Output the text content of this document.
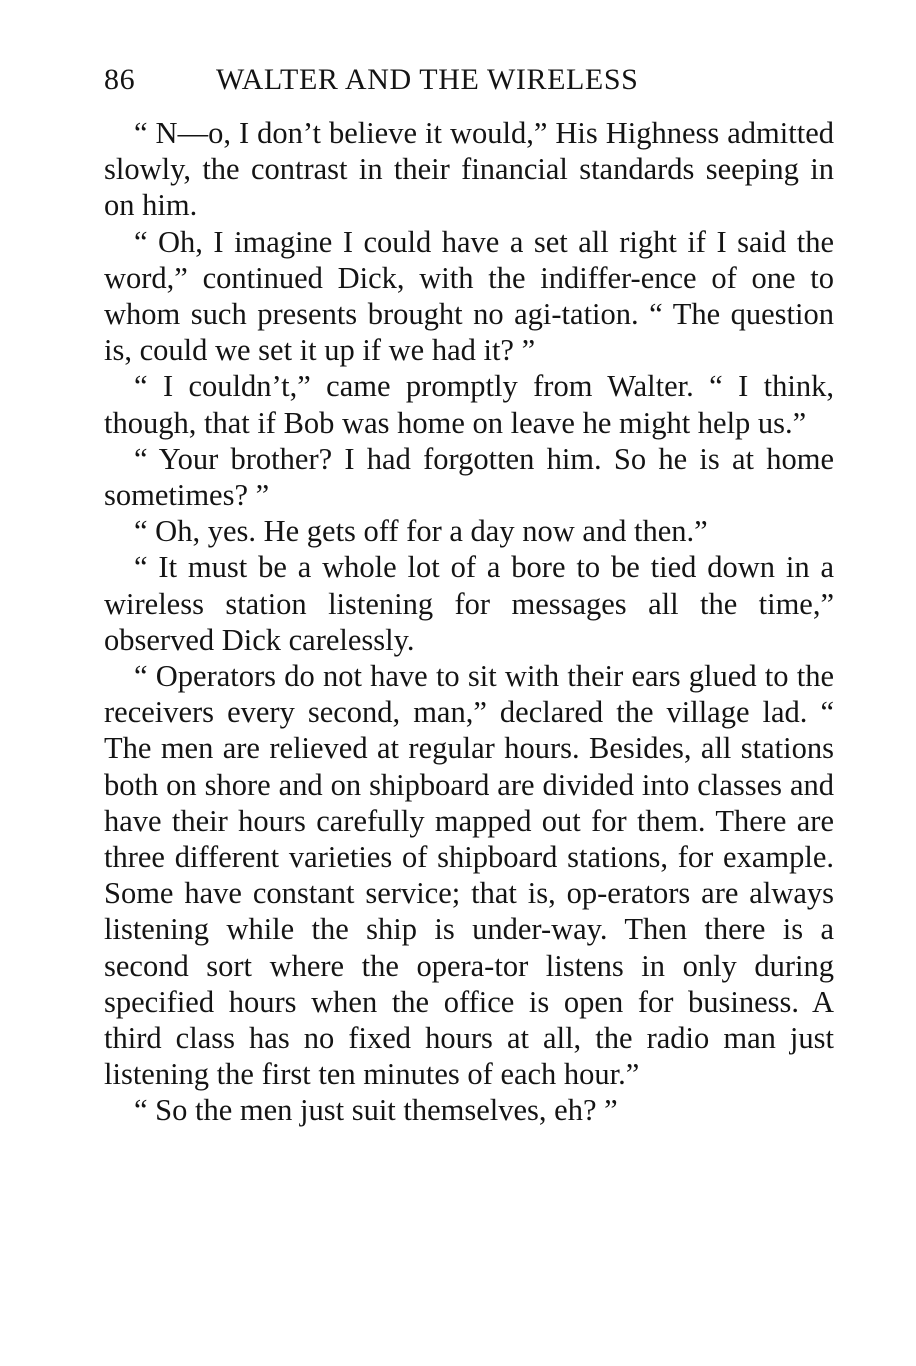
86	WALTER AND THE WIRELESS

“ N—o, I don’t believe it would,” His Highness admitted slowly, the contrast in their financial standards seeping in on him.

“ Oh, I imagine I could have a set all right if I said the word,” continued Dick, with the indiffer-ence of one to whom such presents brought no agi-tation. “ The question is, could we set it up if we had it? ”

“ I couldn’t,” came promptly from Walter. “ I think, though, that if Bob was home on leave he might help us.”

“ Your brother? I had forgotten him. So he is at home sometimes? ”

“ Oh, yes. He gets off for a day now and then.”

“ It must be a whole lot of a bore to be tied down in a wireless station listening for messages all the time,” observed Dick carelessly.

“ Operators do not have to sit with their ears glued to the receivers every second, man,” declared the village lad. “ The men are relieved at regular hours. Besides, all stations both on shore and on shipboard are divided into classes and have their hours carefully mapped out for them. There are three different varieties of shipboard stations, for example. Some have constant service; that is, op-erators are always listening while the ship is under-way. Then there is a second sort where the opera-tor listens in only during specified hours when the office is open for business. A third class has no fixed hours at all, the radio man just listening the first ten minutes of each hour.”

“ So the men just suit themselves, eh? ”
